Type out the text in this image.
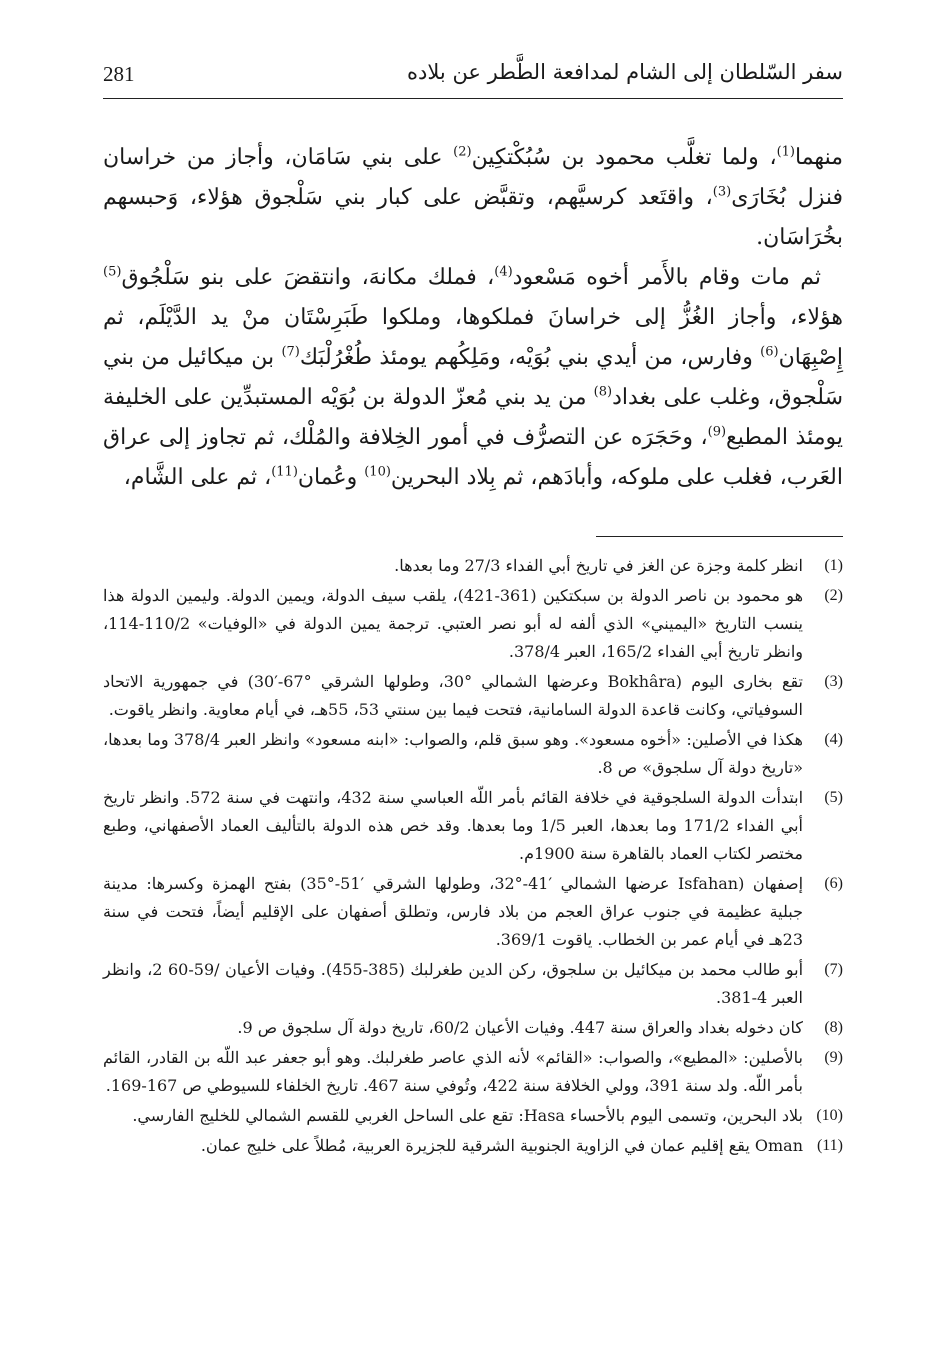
سفر السّلطان إلى الشام لمدافعة الطَّطر عن بلاده
281

منهما$^{(1)}$، ولما تغلَّب محمود بن سُبُكْتكِين$^{(2)}$ على بني سَامَان، وأجاز من خراسان فنزل بُخَارَى$^{(3)}$، واقتَعد كرسيَّهم، وتقبَّض على كبار بني سَلْجوق هؤلاء، وَحبسهم بخُرَاسَان.

ثم مات وقام بالأَمر أخوه مَسْعود$^{(4)}$، فملك مكانهَ، وانتقضَ على بنو سَلْجُوق$^{(5)}$ هؤلاء، وأجاز الغُزُّ إلى خراسانَ فملكوها، وملكوا طَبَرِسْتَان منْ يد الدَّيْلَم، ثم إِصْبِهَان$^{(6)}$ وفارس، من أيدي بني بُوَيْه، ومَلِكُهم يومئذ طُغْرُلْبَك$^{(7)}$ بن ميكائيل من بني سَلْجوق، وغلب على بغداد$^{(8)}$ من يد بني مُعزّ الدولة بن بُوَيْه المستبدِّين على الخليفة يومئذ المطيع$^{(9)}$، وحَجَرَه عن التصرُّف في أمور الخِلافة والمُلْك، ثم تجاوز إلى عراق العَرب، فغلب على ملوكه، وأبادَهم، ثم بِلاد البحرين$^{(10)}$ وعُمان$^{(11)}$، ثم على الشَّام،

(1)
انظر كلمة وجزة عن الغز في تاريخ أبي الفداء 27/3 وما بعدها.
(2)
هو محمود بن ناصر الدولة بن سبكتكين (361-421)، يلقب سيف الدولة، ويمين الدولة. وليمين الدولة هذا ينسب التاريخ «اليميني» الذي ألفه له أبو نصر العتبي. ترجمة يمين الدولة في «الوفيات» 110/2-114، وانظر تاريخ أبي الفداء 165/2، العبر 378/4.
(3)
تقع بخارى اليوم (Bokhâra وعرضها الشمالي °30، وطولها الشرقي °67-′30) في جمهورية الاتحاد السوفياتي، وكانت قاعدة الدولة السامانية، فتحت فيما بين سنتي 53، 55هـ، في أيام معاوية. وانظر ياقوت.
(4)
هكذا في الأصلين: «أخوه مسعود». وهو سبق قلم، والصواب: «ابنه مسعود» وانظر العبر 378/4 وما بعدها، «تاريخ دولة آل سلجوق» ص 8.
(5)
ابتدأت الدولة السلجوقية في خلافة القائم بأمر اللّه العباسي سنة 432، وانتهت في سنة 572. وانظر تاريخ أبي الفداء 171/2 وما بعدها، العبر 1/5 وما بعدها. وقد خص هذه الدولة بالتأليف العماد الأصفهاني، وطبع مختصر لكتاب العماد بالقاهرة سنة 1900م.
(6)
إصفهان (Isfahan عرضها الشمالي ′41-°32، وطولها الشرقي ′51-°35) بفتح الهمزة وكسرها: مدينة جبلية عظيمة في جنوب عراق العجم من بلاد فارس، وتطلق أصفهان على الإقليم أيضاً، فتحت في سنة 23هـ في أيام عمر بن الخطاب. ياقوت 369/1.
(7)
أبو طالب محمد بن ميكائيل بن سلجوق، ركن الدين طغرلبك (385-455). وفيات الأعيان /59-60 2، وانظر العبر 4-381.
(8)
كان دخوله بغداد والعراق سنة 447. وفيات الأعيان 60/2، تاريخ دولة آل سلجوق ص 9.
(9)
بالأصلين: «المطيع»، والصواب: «القائم» لأنه الذي عاصر طغرلبك. وهو أبو جعفر عبد اللّه بن القادر، القائم بأمر اللّه. ولد سنة 391، وولي الخلافة سنة 422، وتُوفي سنة 467. تاريخ الخلفاء للسيوطي ص 167-169.
(10)
بلاد البحرين، وتسمى اليوم بالأحساء Hasa: تقع على الساحل الغربي للقسم الشمالي للخليج الفارسي.
(11)
Oman يقع إقليم عمان في الزاوية الجنوبية الشرقية للجزيرة العربية، مُطلاً على خليج عمان.
